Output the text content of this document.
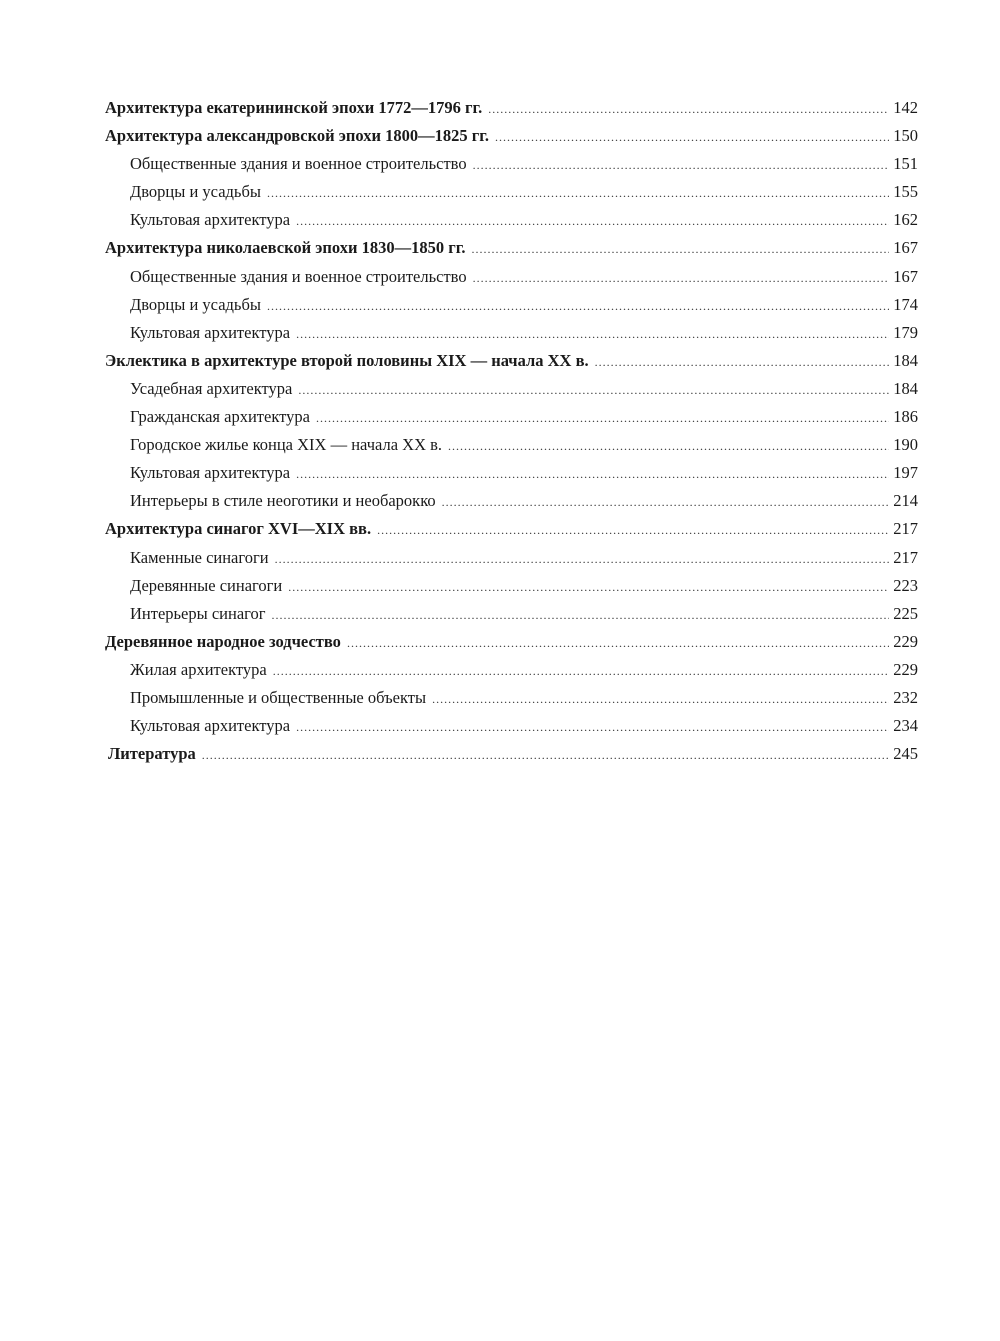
Архитектура екатерининской эпохи 1772—1796 гг. .....	142
Архитектура александровской эпохи 1800—1825 гг. .....	150
Общественные здания и военное строительство .....	151
Дворцы и усадьбы .....	155
Культовая архитектура .....	162
Архитектура николаевской эпохи 1830—1850 гг. .....	167
Общественные здания и военное строительство .....	167
Дворцы и усадьбы .....	174
Культовая архитектура .....	179
Эклектика в архитектуре второй половины XIX — начала XX в. .....	184
Усадебная архитектура .....	184
Гражданская архитектура .....	186
Городское жилье конца XIX — начала XX в. .....	190
Культовая архитектура .....	197
Интерьеры в стиле неоготики и необарокко .....	214
Архитектура синагог XVI—XIX вв. .....	217
Каменные синагоги .....	217
Деревянные синагоги .....	223
Интерьеры синагог .....	225
Деревянное народное зодчество .....	229
Жилая архитектура .....	229
Промышленные и общественные объекты .....	232
Культовая архитектура .....	234
Литература .....	245
